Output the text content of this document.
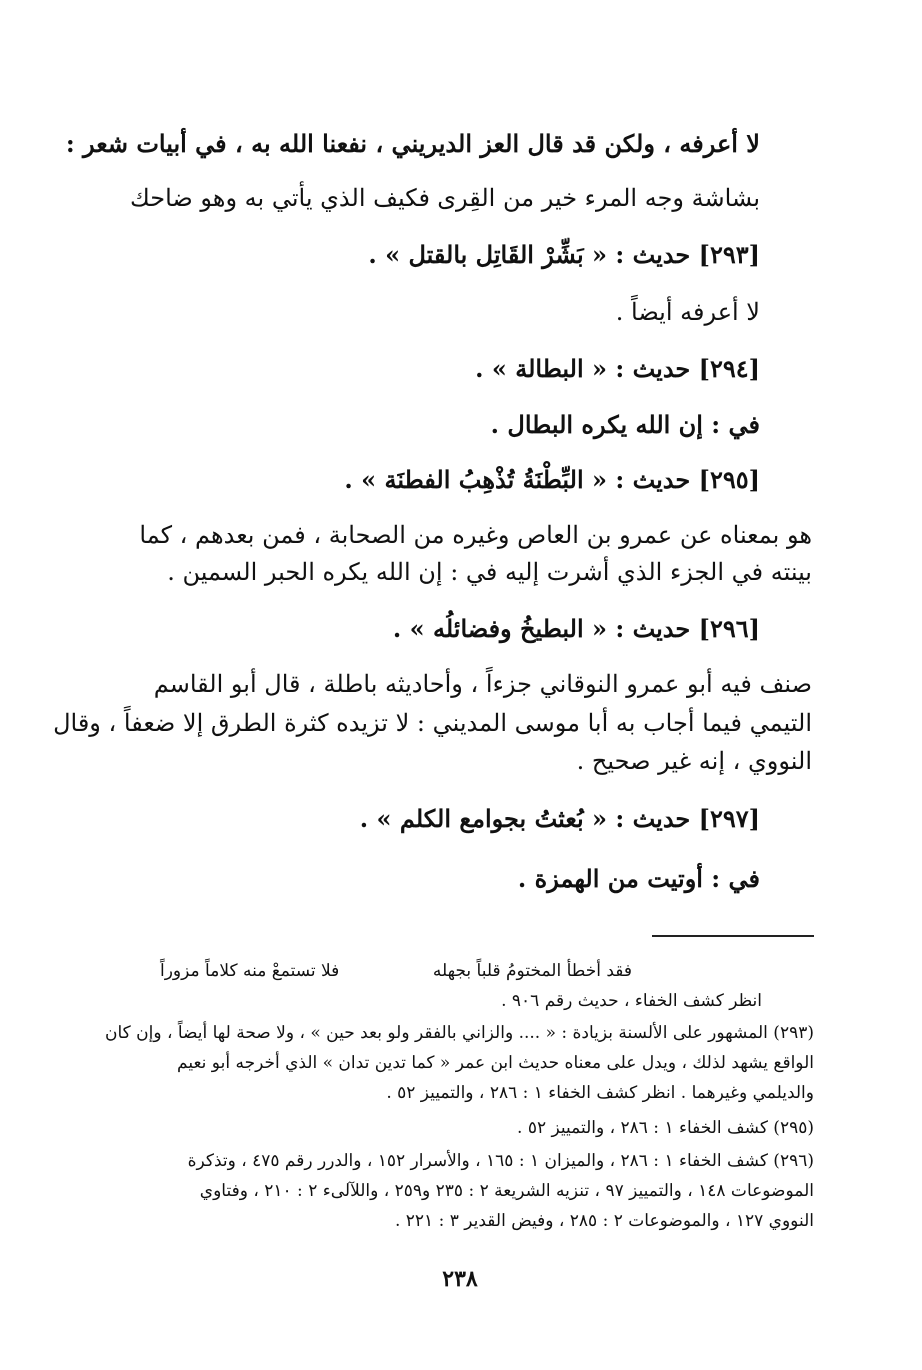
لا أعرفه ، ولكن قد قال العز الديريني ، نفعنا الله به ، في أبيات شعر :
بشاشة وجه المرء خير من القِرى
فكيف الذي يأتي به وهو ضاحك
[٢٩٣] حديث : « بَشِّرْ القَاتِل بالقتل » .
لا أعرفه أيضاً .
[٢٩٤] حديث : « البطالة » .
في : إن الله يكره البطال .
[٢٩٥] حديث : « البِّطْنَةُ تُذْهِبُ الفطنَة » .
هو بمعناه عن عمرو بن العاص وغيره من الصحابة ، فمن بعدهم ، كما
بينته في الجزء الذي أشرت إليه في : إن الله يكره الحبر السمين .
[٢٩٦] حديث : « البطيخُ وفضائلُه » .
صنف فيه أبو عمرو النوقاني جزءاً ، وأحاديثه باطلة ، قال أبو القاسم
التيمي فيما أجاب به أبا موسى المديني : لا تزيده كثرة الطرق إلا ضعفاً ، وقال
النووي ، إنه غير صحيح .
[٢٩٧] حديث : « بُعثتُ بجوامع الكلم » .
في : أوتيت من الهمزة .
فقد أخطأ المختومُ قلباً بجهله
فلا تستمعْ منه كلاماً مزوراً
انظر كشف الخفاء ، حديث رقم ٩٠٦ .
(٢٩٣) المشهور على الألسنة بزيادة : « .... والزاني بالفقر ولو بعد حين » ، ولا صحة لها أيضاً ، وإن كان
الواقع يشهد لذلك ، ويدل على معناه حديث ابن عمر « كما تدين تدان » الذي أخرجه أبو نعيم
والديلمي وغيرهما . انظر كشف الخفاء ١ : ٢٨٦ ، والتمييز ٥٢ .
(٢٩٥) كشف الخفاء ١ : ٢٨٦ ، والتمييز ٥٢ .
(٢٩٦) كشف الخفاء ١ : ٢٨٦ ، والميزان ١ : ١٦٥ ، والأسرار ١٥٢ ، والدرر رقم ٤٧٥ ، وتذكرة
الموضوعات ١٤٨ ، والتمييز ٩٧ ، تنزيه الشريعة ٢ : ٢٣٥ و٢٥٩ ، واللآلىء ٢ : ٢١٠ ، وفتاوي
النووي ١٢٧ ، والموضوعات ٢ : ٢٨٥ ، وفيض القدير ٣ : ٢٢١ .
٢٣٨
